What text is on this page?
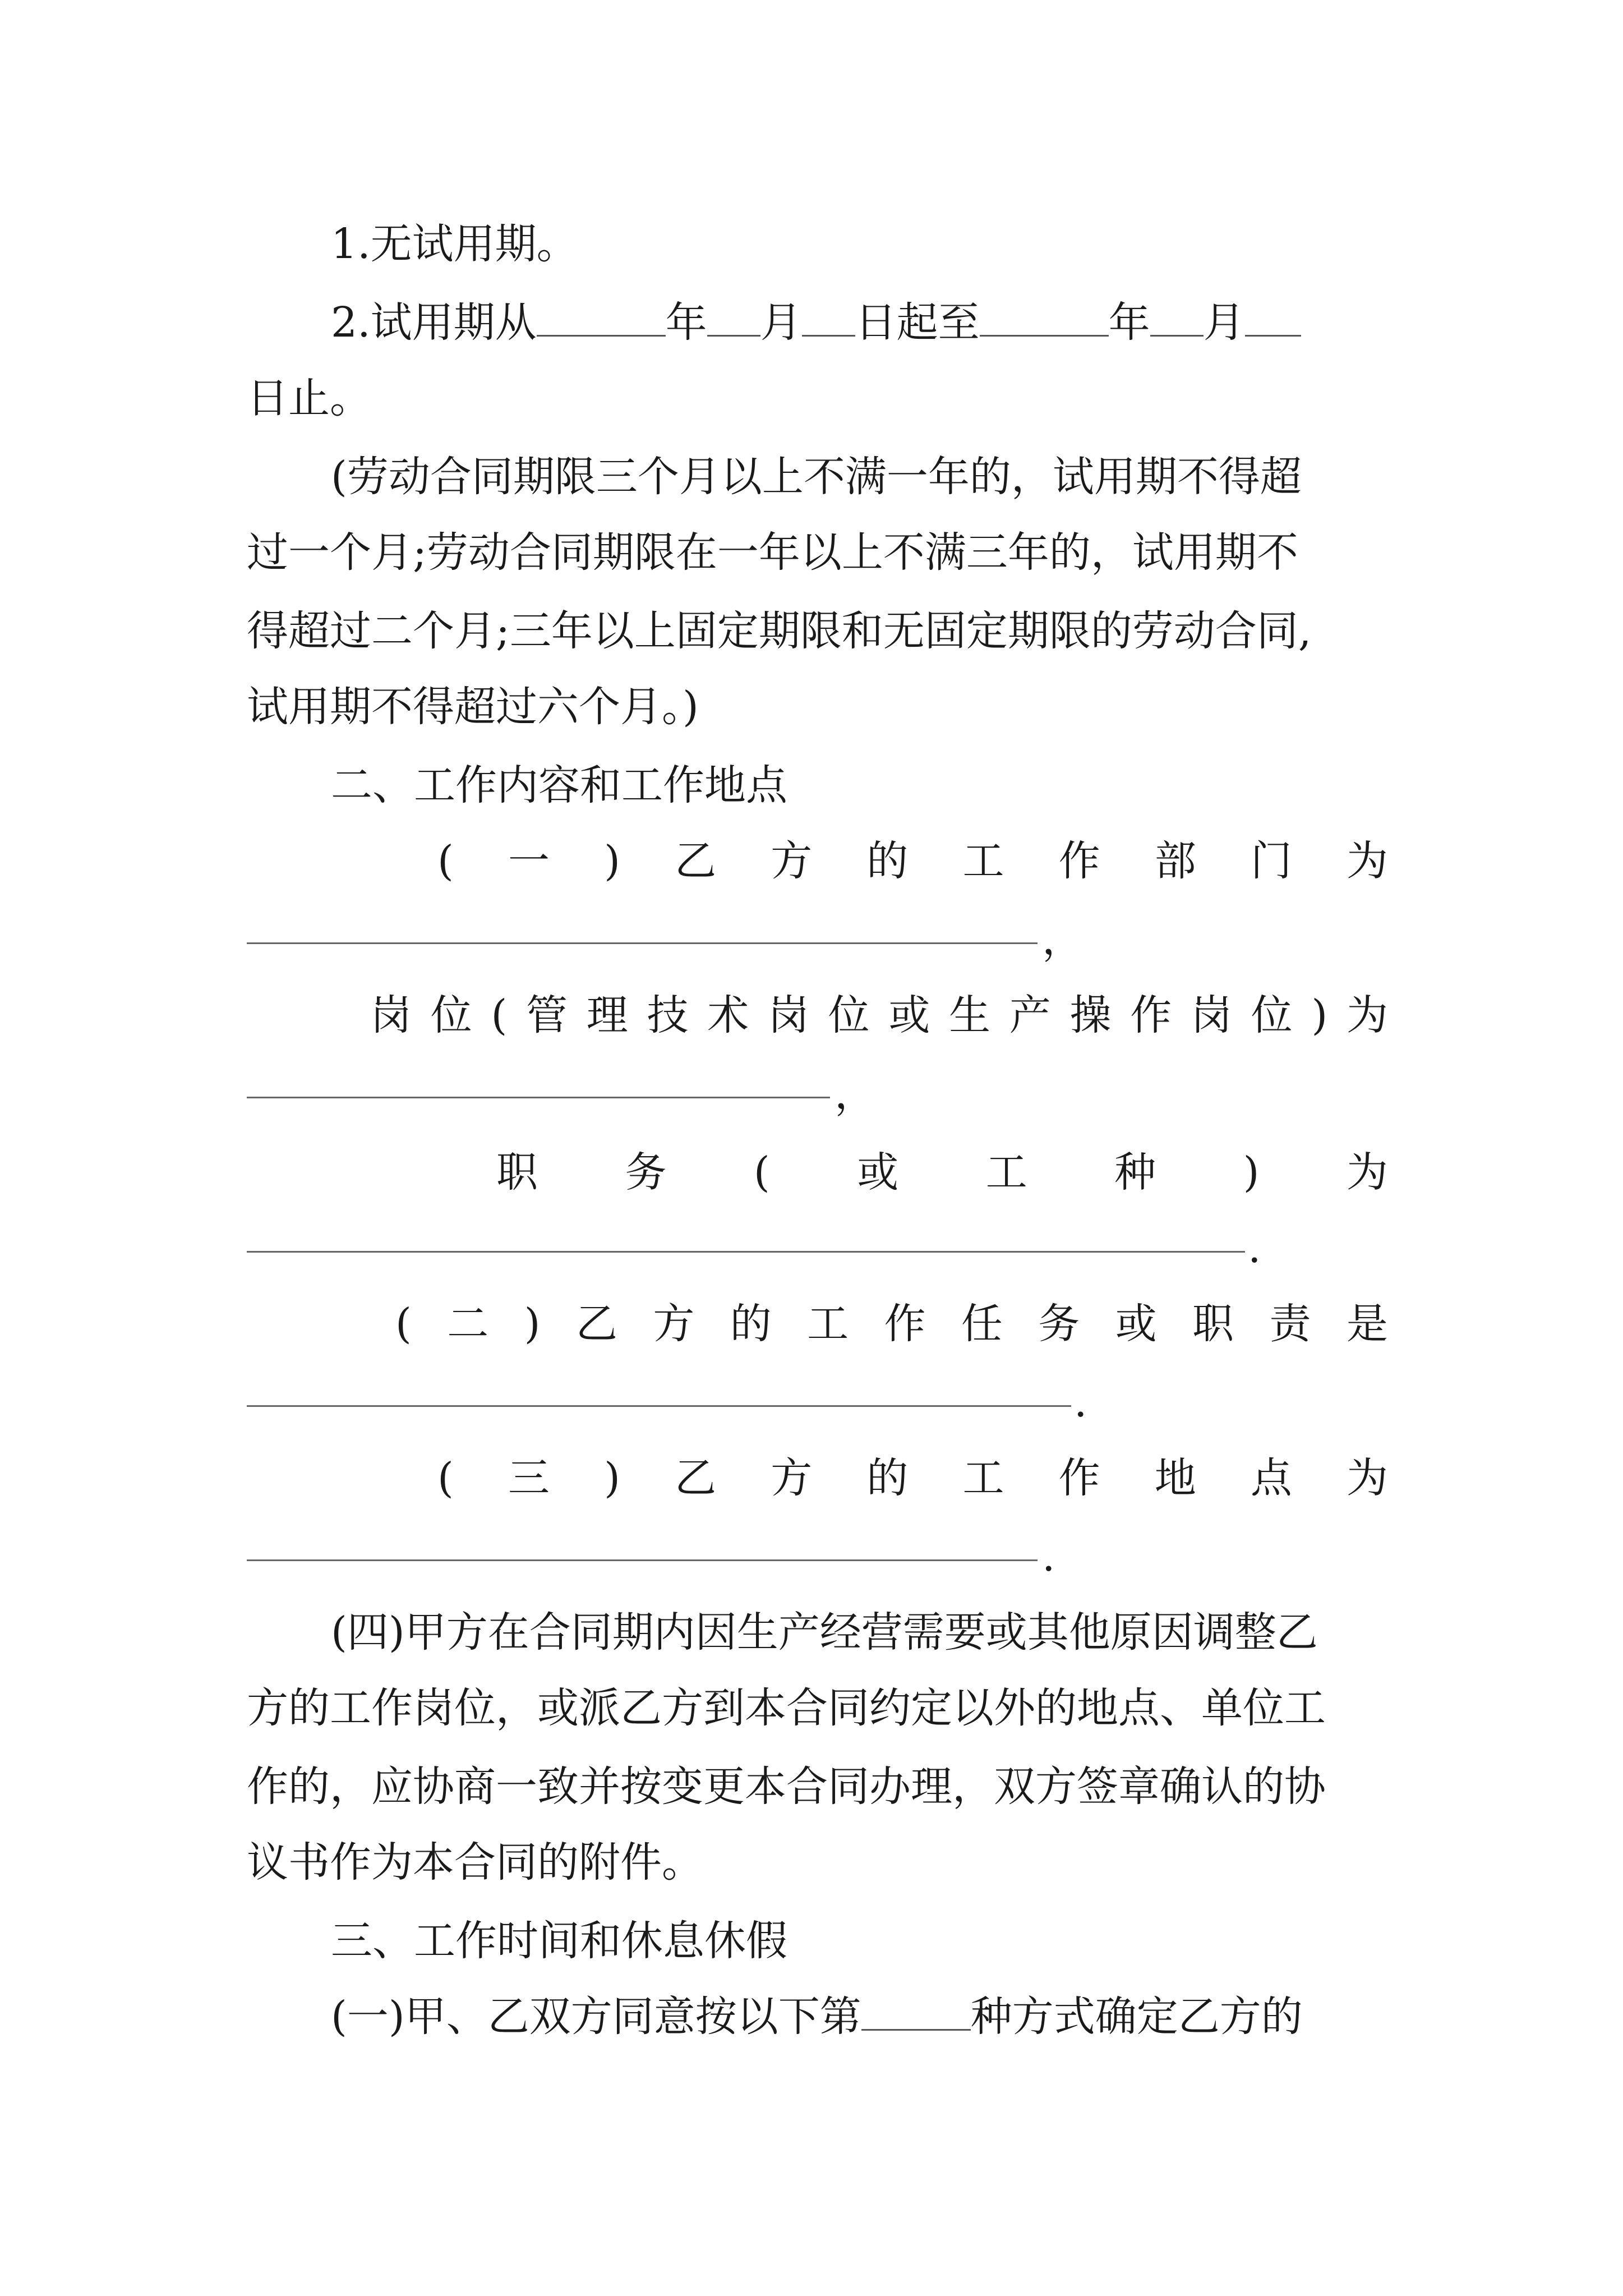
1.无试用期。
2.试用期从	年 月 日起至	年 月
日止。
(劳动合同期限三个月以上不满一年的，试用期不得超
过一个月;劳动合同期限在一年以上不满三年的，试用期不
得超过二个月;三年以上固定期限和无固定期限的劳动合同,
试用期不得超过六个月。)
二、工作内容和工作地点
( 一 ) 乙 方 的 工 作 部 门 为
，
岗 位 ( 管 理 技 术 岗 位 或 生 产 操 作 岗 位 ) 为
，
职 务 ( 或 工 种 ) 为
.
( 二 ) 乙 方 的 工 作 任 务 或 职 责 是
.
( 三 ) 乙 方 的 工 作 地 点 为
.
(四)甲方在合同期内因生产经营需要或其他原因调整乙
方的工作岗位，或派乙方到本合同约定以外的地点、单位工
作的，应协商一致并按变更本合同办理，双方签章确认的协
议书作为本合同的附件。
三、工作时间和休息休假
(一)甲、乙双方同意按以下第	种方式确定乙方的
